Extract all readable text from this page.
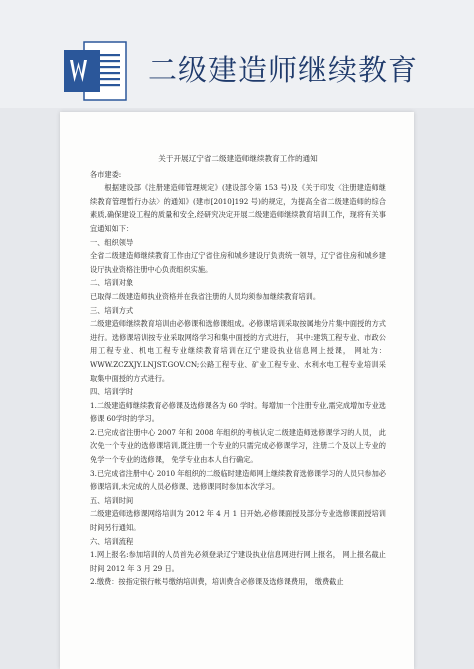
二级建造师继续教育

关于开展辽宁省二级建造师继续教育工作的通知

各市建委:

根据建设部《注册建造师管理规定》(建设部令第 153 号)及《关于印发〈注册建造师继续教育管理暂行办法〉的通知》(建市[2010]192 号)的规定，为提高全省二级建造师的综合素质,确保建设工程的质量和安全,经研究决定开展二级建造师继续教育培训工作，现将有关事宜通知如下：

一、组织领导

全省二级建造师继续教育工作由辽宁省住房和城乡建设厅负责统一领导，辽宁省住房和城乡建设厅执业资格注册中心负责组织实施。

二、培训对象

已取得二级建造师执业资格并在我省注册的人员均须参加继续教育培训。

三、培训方式

二级建造师继续教育培训由必修课和选修课组成。必修课培训采取按属地分片集中面授的方式进行。选修课培训按专业采取网络学习和集中面授的方式进行， 其中:建筑工程专业、市政公用工程专业、机电工程专业继续教育培训在辽宁建设执业信息网上授课， 网址为：WWW.ZCZXJY.LNJST.GOV.CN;公路工程专业、矿业工程专业、水利水电工程专业培训采取集中面授的方式进行。

四、培训学时

1.二级建造师继续教育必修课及选修课各为 60 学时。每增加一个注册专业,需完成增加专业选修课 60学时的学习。

2.已完成省注册中心 2007 年和 2008 年组织的考核认定二级建造师选修课学习的人员， 此次免一个专业的选修课培训,既注册一个专业的只需完成必修课学习，注册二个及以上专业的免学一个专业的选修课， 免学专业由本人自行确定。

3.已完成省注册中心 2010 年组织的二级临时建造师网上继续教育选修课学习的人员只参加必修课培训,未完成的人员必修课、选修课同时参加本次学习。

五、培训时间

二级建造师选修课网络培训为 2012 年 4 月 1 日开始,必修课面授及部分专业选修课面授培训时间另行通知。

六、培训流程

1.网上报名:参加培训的人员首先必须登录辽宁建设执业信息网进行网上报名， 网上报名截止时间 2012 年 3 月 29 日。

2.缴费：按指定银行帐号缴纳培训费，培训费含必修课及选修课费用， 缴费截止
